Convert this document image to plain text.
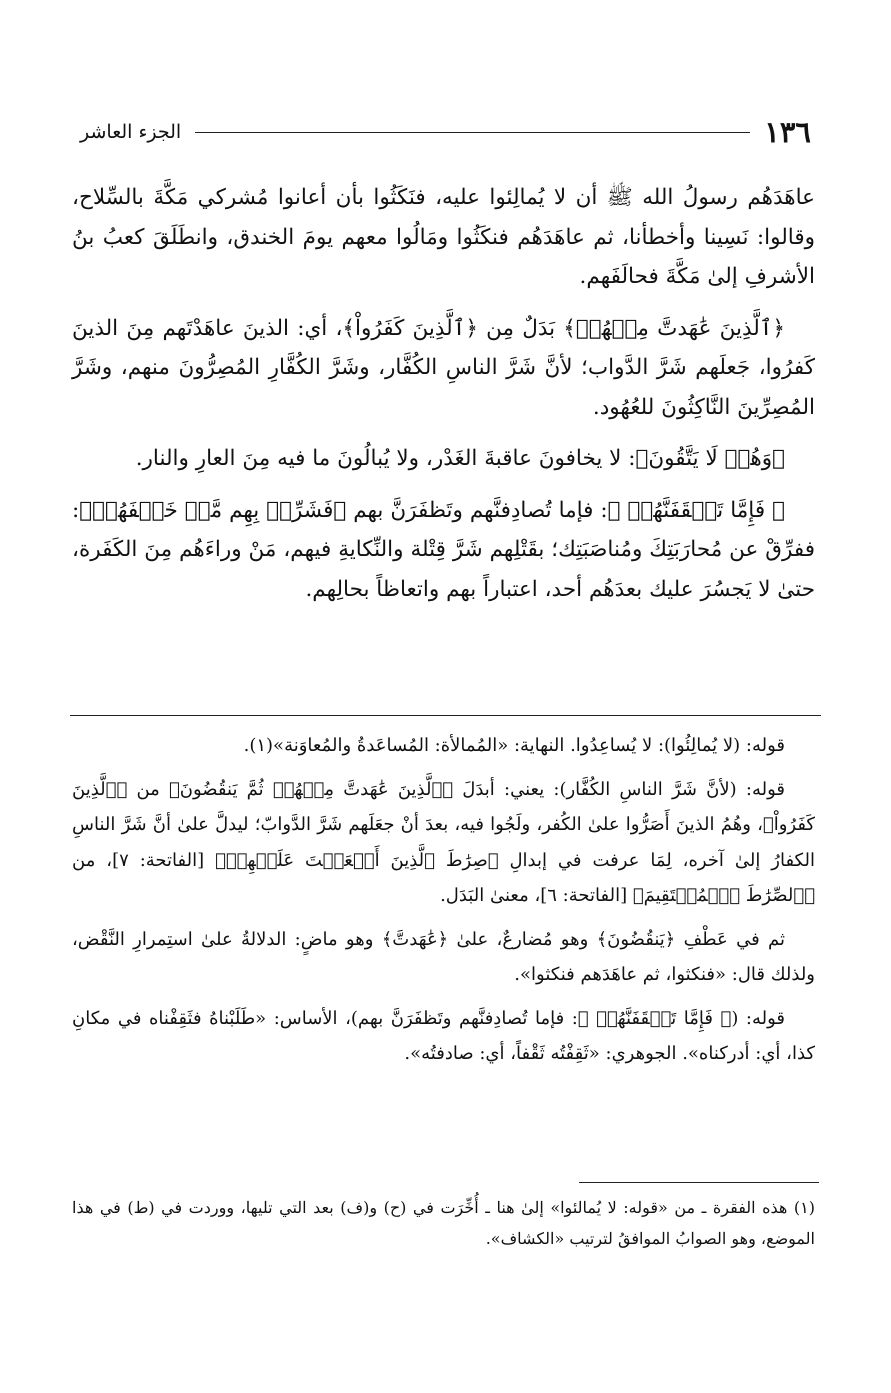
١٣٦
الجزء العاشر

عاهَدَهُم رسولُ الله ﷺ أن لا يُمالِئوا عليه، فنَكَثُوا بأن أعانوا مُشركي مَكَّةَ بالسِّلاح، وقالوا: نَسِينا وأخطأنا، ثم عاهَدَهُم فنكَثُوا ومَالُوا معهم يومَ الخندق، وانطَلَقَ كعبُ بنُ الأشرفِ إلىٰ مَكَّةَ فحالَفَهم.

﴿ٱلَّذِينَ عَٰهَدتَّ مِنۡهُمۡ﴾ بَدَلٌ مِن ﴿ٱلَّذِينَ كَفَرُواْ﴾، أي: الذينَ عاهَدْتَهم مِنَ الذينَ كَفرُوا، جَعلَهم شَرَّ الدَّواب؛ لأنَّ شَرَّ الناسِ الكُفَّار، وشَرَّ الكُفَّارِ المُصِرُّونَ منهم، وشَرَّ المُصِرِّينَ النَّاكِثُونَ للعُهُود.

﴿وَهُمۡ لَا يَتَّقُونَ﴾: لا يخافونَ عاقبةَ الغَدْر، ولا يُبالُونَ ما فيه مِنَ العارِ والنار.

﴿ فَإِمَّا تَثۡقَفَنَّهُمۡ ﴾: فإما تُصادِفنَّهم وتَظفَرَنَّ بهم ﴿فَشَرِّدۡ بِهِم مَّنۡ خَلۡفَهُمۡ﴾: ففرِّقْ عن مُحارَبَتِكَ ومُناصَبَتِك؛ بقَتْلِهم شَرَّ قِتْلة والنِّكايةِ فيهم، مَنْ وراءَهُم مِنَ الكَفَرة، حتىٰ لا يَجسُرَ عليك بعدَهُم أحد، اعتباراً بهم واتعاظاً بحالِهم.

قوله: (لا يُمالِئُوا): لا يُساعِدُوا. النهاية: «المُمالأة: المُساعَدةُ والمُعاوَنة»(١).

قوله: (لأنَّ شَرَّ الناسِ الكُفَّار): يعني: أبدَلَ ﴿ٱلَّذِينَ عَٰهَدتَّ مِنۡهُمۡ ثُمَّ يَنقُضُونَ﴾ من ﴿ٱلَّذِينَ كَفَرُواْ﴾، وهُمُ الذينَ أَصَرُّوا علىٰ الكُفر، ولَجُوا فيه، بعدَ أنْ جعَلَهم شَرَّ الدَّوابّ؛ ليدلَّ علىٰ أنَّ شَرَّ الناسِ الكفارُ إلىٰ آخره، لِمَا عرفت في إبدالِ ﴿صِرَٰطَ ٱلَّذِينَ أَنۡعَمۡتَ عَلَيۡهِمۡ﴾ [الفاتحة: ٧]، من ﴿ٱلصِّرَٰطَ ٱلۡمُسۡتَقِيمَ﴾ [الفاتحة: ٦]، معنىٰ البَدَل.

ثم في عَطْفِ ﴿يَنقُضُونَ﴾ وهو مُضارعٌ، علىٰ ﴿عَٰهَدتَّ﴾ وهو ماضٍ: الدلالةُ علىٰ استِمرارِ النَّقْض، ولذلك قال: «فنكثوا، ثم عاهَدَهم فنكثوا».

قوله: (﴿ فَإِمَّا تَثۡقَفَنَّهُمۡ ﴾: فإما تُصادِفنَّهم وتَظفَرَنَّ بهم)، الأساس: «طَلَبْناهُ فثَقِفْناه في مكانِ كذا، أي: أدركناه». الجوهري: «ثَقِفْتُه ثَقْفاً، أي: صادفتُه».

(١) هذه الفقرة ـ من «قوله: لا يُمالئوا» إلىٰ هنا ـ أُخِّرَت في (ح) و(ف) بعد التي تليها، ووردت في (ط) في هذا الموضع، وهو الصوابُ الموافقُ لترتيب «الكشاف».
